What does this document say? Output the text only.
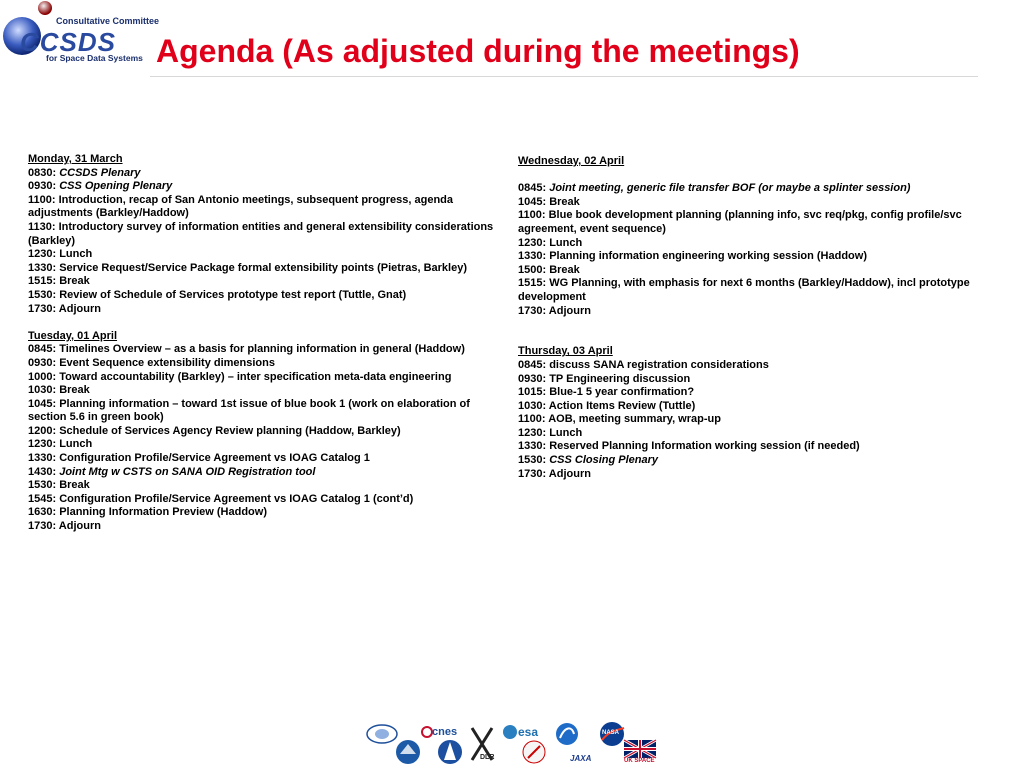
Consultative Committee
CCSDS
for Space Data Systems Agenda (As adjusted during the meetings)
Monday, 31 March
0830: CCSDS Plenary
0930: CSS Opening Plenary
1100: Introduction, recap of San Antonio meetings, subsequent progress, agenda adjustments (Barkley/Haddow)
1130: Introductory survey of information entities and general extensibility considerations (Barkley)
1230: Lunch
1330: Service Request/Service Package formal extensibility points (Pietras, Barkley)
1515: Break
1530: Review of Schedule of Services prototype test report (Tuttle, Gnat)
1730: Adjourn
Tuesday, 01 April
0845: Timelines Overview – as a basis for planning information in general (Haddow)
0930: Event Sequence extensibility dimensions
1000: Toward accountability (Barkley) – inter specification meta-data engineering
1030: Break
1045: Planning information – toward 1st issue of blue book 1 (work on elaboration of section 5.6 in green book)
1200: Schedule of Services Agency Review planning (Haddow, Barkley)
1230: Lunch
1330: Configuration Profile/Service Agreement vs IOAG Catalog 1
1430: Joint Mtg w CSTS on SANA OID Registration tool
1530: Break
1545: Configuration Profile/Service Agreement vs IOAG Catalog 1 (cont’d)
1630: Planning Information Preview (Haddow)
1730: Adjourn
Wednesday, 02 April
0845: Joint meeting, generic file transfer BOF (or maybe a splinter session)
1045: Break
1100: Blue book development planning (planning info, svc req/pkg, config profile/svc agreement, event sequence)
1230: Lunch
1330: Planning information engineering working session (Haddow)
1500: Break
1515: WG Planning, with emphasis for next 6 months (Barkley/Haddow), incl prototype development
1730: Adjourn
Thursday, 03 April
0845: discuss SANA registration considerations
0930: TP Engineering discussion
1015: Blue-1 5 year confirmation?
1030: Action Items Review (Tuttle)
1100: AOB, meeting summary, wrap-up
1230: Lunch
1330: Reserved Planning Information working session (if needed)
1530: CSS Closing Plenary
1730: Adjourn
cnes	esa
DLR	JAXA
NASA
UK SPACE
